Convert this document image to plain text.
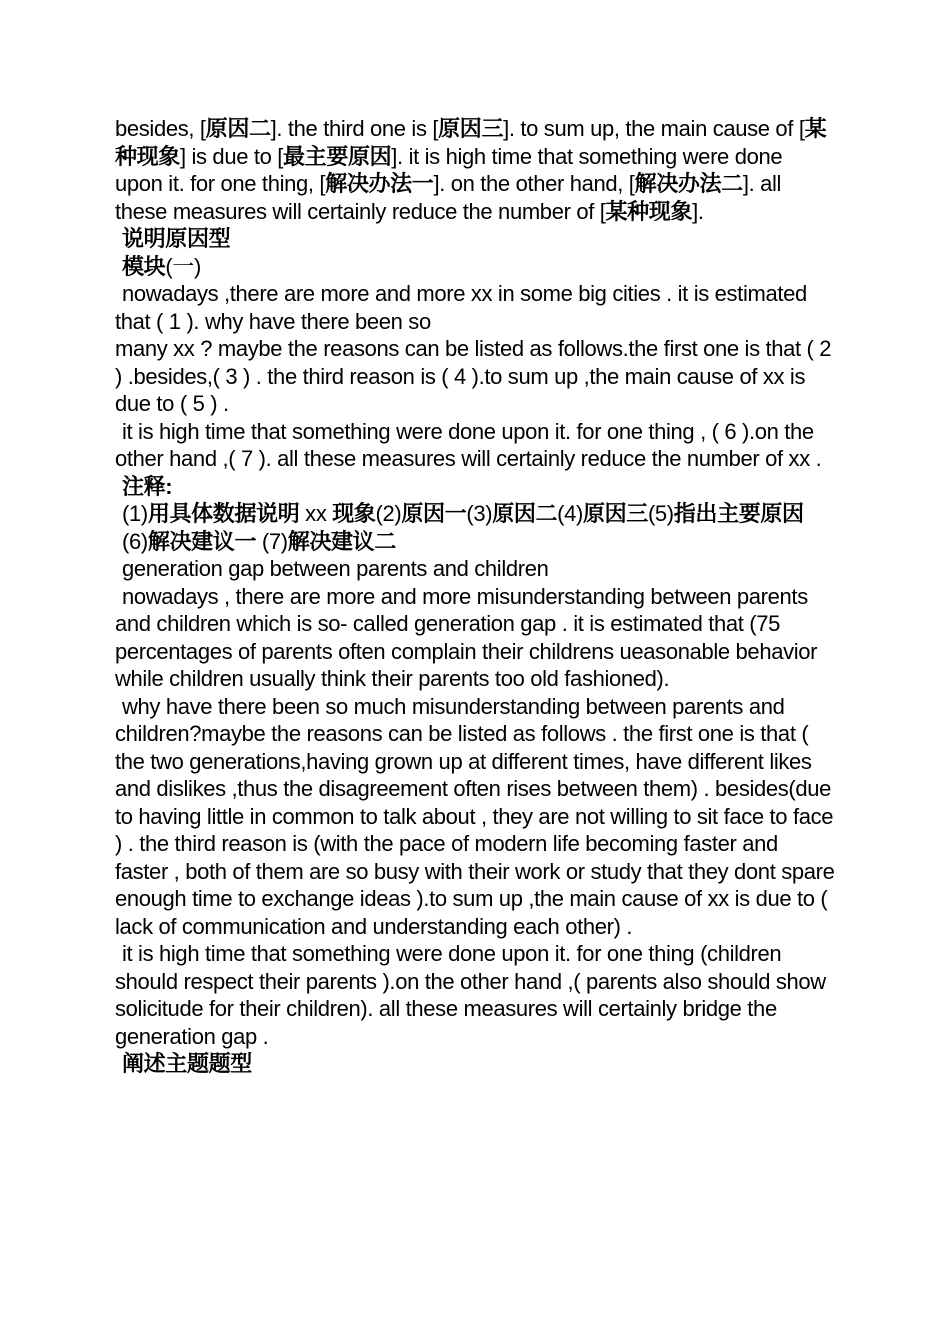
besides, [原因二]. the third one is [原因三]. to sum up, the main cause of [某种现象] is due to [最主要原因]. it is high time that something were done upon it. for one thing, [解决办法一]. on the other hand, [解决办法二]. all these measures will certainly reduce the number of [某种现象].

说明原因型

模块(一)

nowadays ,there are more and more xx in some big cities . it is estimated that ( 1 ). why have there been so

many xx ? maybe the reasons can be listed as follows.the first one is that ( 2 ) .besides,( 3 ) . the third reason is ( 4 ).to sum up ,the main cause of xx is due to ( 5 ) .

it is high time that something were done upon it. for one thing , ( 6 ).on the other hand ,( 7 ). all these measures will certainly reduce the number of xx .

注释:

(1)用具体数据说明 xx 现象(2)原因一(3)原因二(4)原因三(5)指出主要原因

(6)解决建议一 (7)解决建议二

generation gap between parents and children

nowadays , there are more and more misunderstanding between parents and children which is so- called generation gap . it is estimated that (75 percentages of parents often complain their childrens ueasonable behavior while children usually think their parents too old fashioned).

why have there been so much misunderstanding between parents and children?maybe the reasons can be listed as follows . the first one is that ( the two generations,having grown up at different times, have different likes and dislikes ,thus the disagreement often rises between them) . besides(due to having little in common to talk about , they are not willing to sit face to face ) . the third reason is (with the pace of modern life becoming faster and faster , both of them are so busy with their work or study that they dont spare enough time to exchange ideas ).to sum up ,the main cause of xx is due to ( lack of communication and understanding each other) .

it is high time that something were done upon it. for one thing (children should respect their parents ).on the other hand ,( parents also should show solicitude for their children). all these measures will certainly bridge the generation gap .

阐述主题题型
